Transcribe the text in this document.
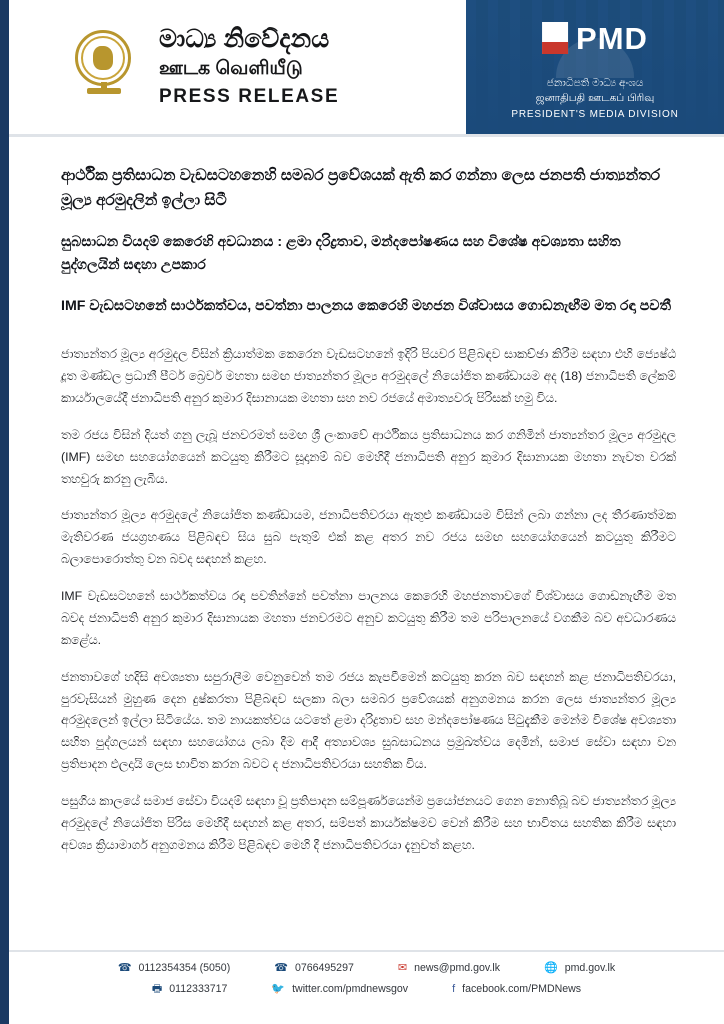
මාධ්‍ය නිවේදනය
ஊடக வெளியீடு
PRESS RELEASE
PMD
ජනාධිපති මාධ්‍ය අංශය
ஜனாதிபதி ஊடகப் பிரிவு
PRESIDENT'S MEDIA DIVISION
ආර්ථික ප්‍රතිසාධන වැඩසටහනෙහි සමබර ප්‍රවේශයක් ඇති කර ගන්නා ලෙස ජනපති ජාත්‍යන්තර මූල්‍ය අරමුදලින් ඉල්ලා සිටී
සුබසාධන වියදම් කෙරෙහි අවධානය : ළමා දරිද්‍රතාව, මන්දපෝෂණය සහ විශේෂ අවශ්‍යතා සහිත පුද්ගලයින් සඳහා උපකාර
IMF වැඩසටහනේ සාර්ථකත්වය, පවත්නා පාලනය කෙරෙහි මහජන විශ්වාසය ගොඩනැඟීම මත රඳා පවතී

ජාත්‍යන්තර මූල්‍ය අරමුදල විසින් ක්‍රියාත්මක කෙරෙන වැඩසටහනේ ඉදිරි පියවර පිළිබඳව සාකච්ඡා කිරීම සඳහා එහි ජ්‍යෙෂ්ඨ දූත මණ්ඩල ප්‍රධානී පීටර් බ්‍රෙවර් මහතා සමඟ ජාත්‍යන්තර මූල්‍ය අරමුදලේ නියෝජිත කණ්ඩායම අද (18) ජනාධිපති ලේකම් කාර්යාලයේදී ජනාධිපති අනුර කුමාර දිසානායක මහතා සහ නව රජයේ අමාත්‍යවරු පිරිසක් හමු විය.

තම රජය විසින් දියත් ගනු ලැබූ ජනවරමත් සමඟ ශ්‍රී ලංකාවේ ආර්ථිකය ප්‍රතිසාධනය කර ගනිමින් ජාත්‍යන්තර මූල්‍ය අරමුදල (IMF) සමඟ සහයෝගයෙන් කටයුතු කිරීමට සූදානම් බව මෙහිදී ජනාධිපති අනුර කුමාර දිසානායක මහතා නැවත වරක් තහවුරු කරනු ලැබීය.

ජාත්‍යන්තර මූල්‍ය අරමුදලේ නියෝජිත කණ්ඩායම, ජනාධිපතිවරයා ඇතුළු කණ්ඩායම විසින් ලබා ගන්නා ලද තීරණාත්මක මැතිවරණ ජයග්‍රහණය පිළිබඳව සිය සුබ පැතුම් එක් කළ අතර නව රජය සමඟ සහයෝගයෙන් කටයුතු කිරීමට බලාපොරොත්තු වන බවද සඳහන් කළහ.

IMF වැඩසටහනේ සාර්ථකත්වය රඳා පවතින්නේ පවත්නා පාලනය කෙරෙහි මහජනතාවගේ විශ්වාසය ගොඩනැඟීම මත බවද ජනාධිපති අනුර කුමාර දිසානායක මහතා ජනවරමට අනුව කටයුතු කිරීම තම පරිපාලනයේ වගකීම බව අවධාරණය කළේය.

ජනතාවගේ හදිසි අවශ්‍යතා සපුරාලීම වෙනුවෙන් තම රජය කැපවීමෙන් කටයුතු කරන බව සඳහන් කළ ජනාධිපතිවරයා, පුරවැසියන් මුහුණ දෙන දුෂ්කරතා පිළිබඳව සලකා බලා සමබර ප්‍රවේශයක් අනුගමනය කරන ලෙස ජාත්‍යන්තර මූල්‍ය අරමුදලෙන් ඉල්ලා සිටියේය. තම නායකත්වය යටතේ ළමා දරිද්‍රතාව සහ මන්දපෝෂණය පිටුදැකීම මෙන්ම විශේෂ අවශ්‍යතා සහිත පුද්ගලයන් සඳහා සහයෝගය ලබා දීම ආදී අත්‍යාවශ්‍ය සුබසාධනය ප්‍රමුඛත්වය දෙමින්, සමාජ සේවා සඳහා වන ප්‍රතිපාදන ඵලදායි ලෙස භාවිත කරන බවට ද ජනාධිපතිවරයා සහතික විය.

පසුගිය කාලයේ සමාජ සේවා වියදම් සඳහා වූ ප්‍රතිපාදන සම්පූර්ණයෙන්ම ප්‍රයෝජනයට ගෙන නොතිබූ බව ජාත්‍යන්තර මූල්‍ය අරමුදලේ නියෝජිත පිරිස මෙහිදී සඳහන් කළ අතර, සම්පත් කාර්යක්ෂමව වෙන් කිරීම සහ භාවිතය සහතික කිරීම සඳහා අවශ්‍ය ක්‍රියාමාර්ග අනුගමනය කිරීම පිළිබඳව මෙහි දී ජනාධිපතිවරයා දැනුවත් කළහ.

☎ 0112354354 (5050)	☎ 0766495297	✉ news@pmd.gov.lk	🌐 pmd.gov.lk
🖶 0112333717	🐦 twitter.com/pmdnewsgov	f facebook.com/PMDNews
